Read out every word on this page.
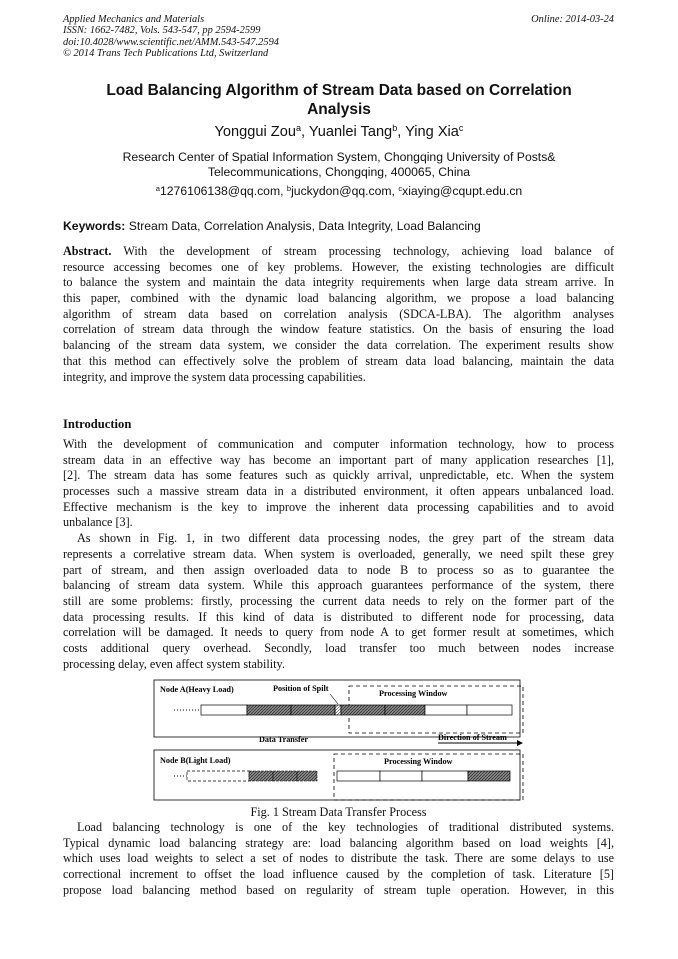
Applied Mechanics and Materials
ISSN: 1662-7482, Vols. 543-547, pp 2594-2599
doi:10.4028/www.scientific.net/AMM.543-547.2594
© 2014 Trans Tech Publications Ltd, Switzerland
Online: 2014-03-24
Load Balancing Algorithm of Stream Data based on Correlation
Analysis
Yonggui Zou$^a$, Yuanlei Tang$^b$, Ying Xia$^c$
Research Center of Spatial Information System, Chongqing University of Posts&
Telecommunications, Chongqing, 400065, China
$^a$1276106138@qq.com, $^b$juckydon@qq.com, $^c$xiaying@cqupt.edu.cn
Keywords: Stream Data, Correlation Analysis, Data Integrity, Load Balancing
Abstract. With the development of stream processing technology, achieving load balance of
resource accessing becomes one of key problems. However, the existing technologies are difficult
to balance the system and maintain the data integrity requirements when large data stream arrive. In
this paper, combined with the dynamic load balancing algorithm, we propose a load balancing
algorithm of stream data based on correlation analysis (SDCA-LBA). The algorithm analyses
correlation of stream data through the window feature statistics. On the basis of ensuring the load
balancing of the stream data system, we consider the data correlation. The experiment results show
that this method can effectively solve the problem of stream data load balancing, maintain the data
integrity, and improve the system data processing capabilities.
Introduction
With the development of communication and computer information technology, how to process
stream data in an effective way has become an important part of many application researches [1],
[2]. The stream data has some features such as quickly arrival, unpredictable, etc. When the system
processes such a massive stream data in a distributed environment, it often appears unbalanced load.
Effective mechanism is the key to improve the inherent data processing capabilities and to avoid
unbalance [3].
As shown in Fig. 1, in two different data processing nodes, the grey part of the stream data
represents a correlative stream data. When system is overloaded, generally, we need spilt these grey
part of stream, and then assign overloaded data to node B to process so as to guarantee the
balancing of stream data system. While this approach guarantees performance of the system, there
still are some problems: firstly, processing the current data needs to rely on the former part of the
data processing results. If this kind of data is distributed to different node for processing, data
correlation will be damaged. It needs to query from node A to get former result at sometimes, which
costs additional query overhead. Secondly, load transfer too much between nodes increase
processing delay, even affect system stability.
Node A(Heavy Load)	Position of Spilt
Processing Window
Data Transfer	Direction of Stream
Node B(Light Load)	Processing Window
Fig. 1 Stream Data Transfer Process
Load balancing technology is one of the key technologies of traditional distributed systems.
Typical dynamic load balancing strategy are: load balancing algorithm based on load weights [4],
which uses load weights to select a set of nodes to distribute the task. There are some delays to use
correctional increment to offset the load influence caused by the completion of task. Literature [5]
propose load balancing method based on regularity of stream tuple operation. However, in this
